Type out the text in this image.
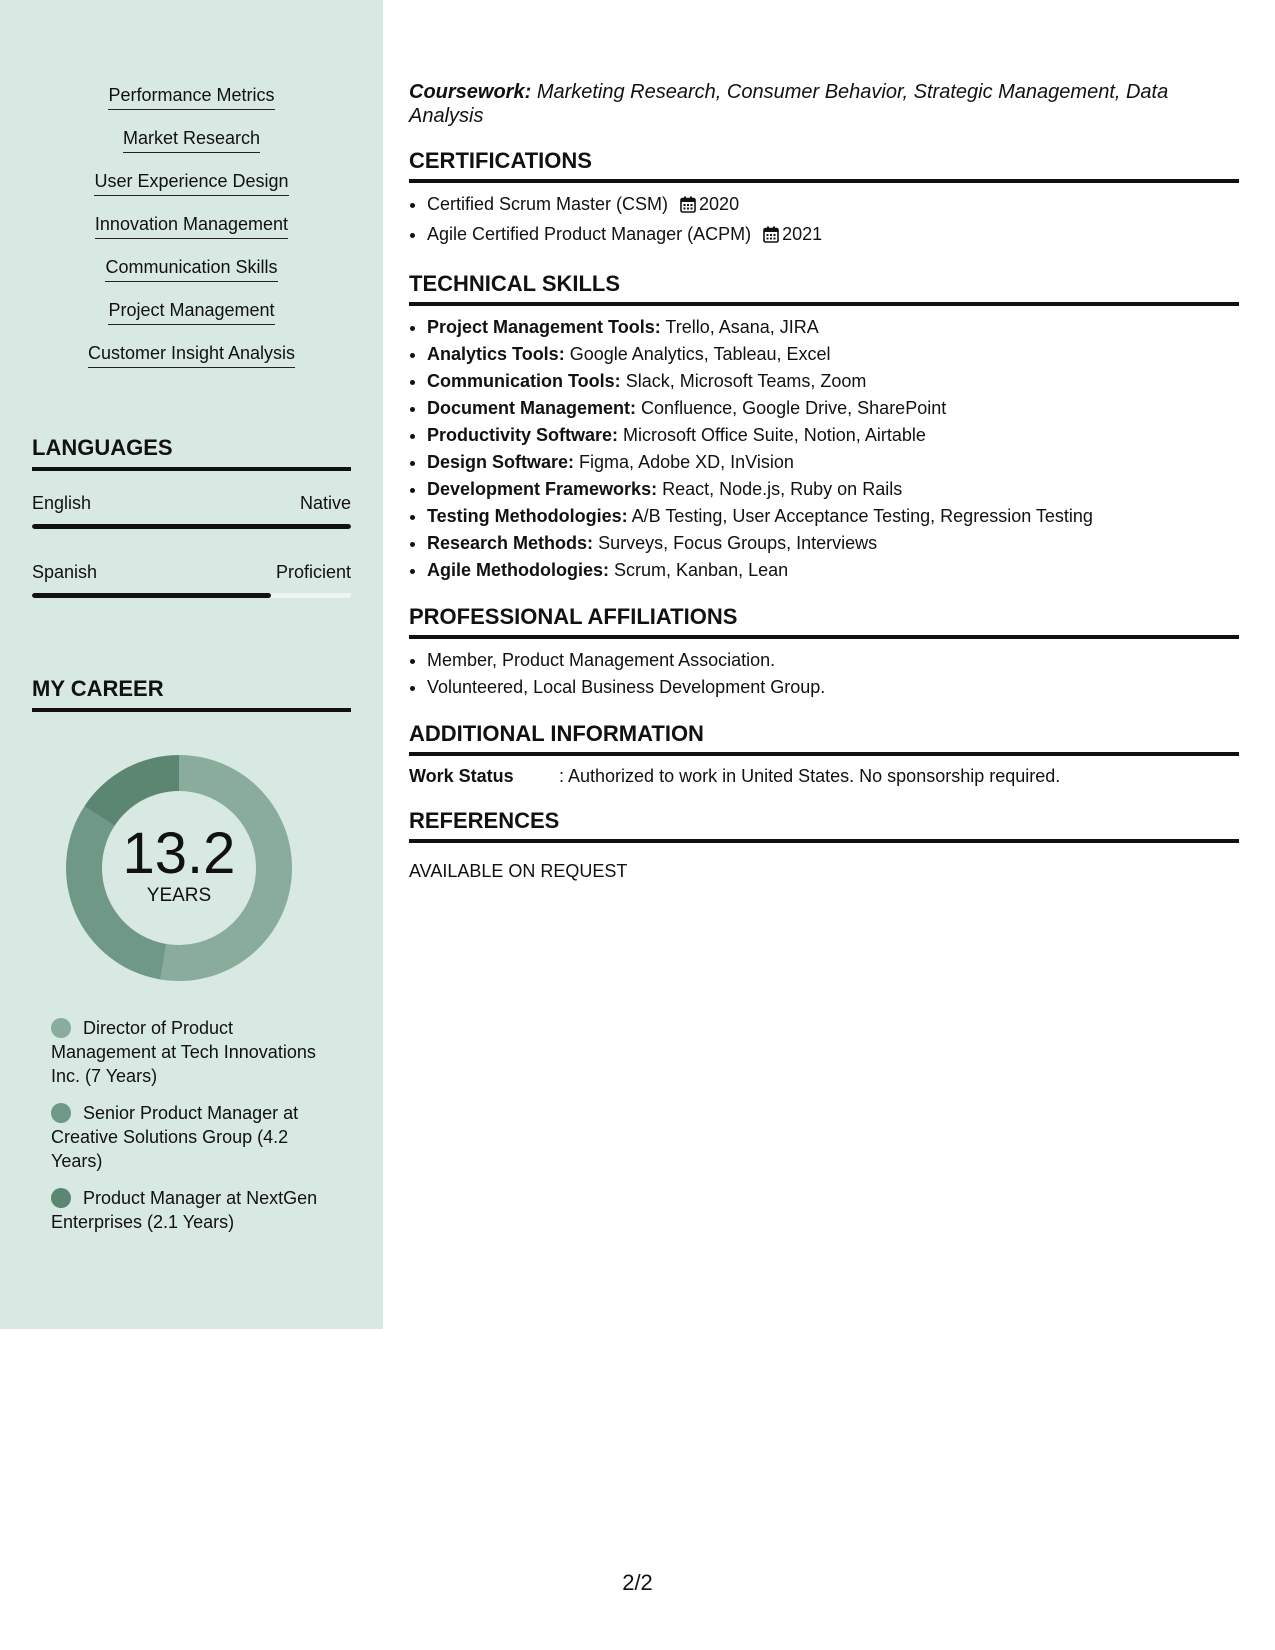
Performance Metrics
Market Research
User Experience Design
Innovation Management
Communication Skills
Project Management
Customer Insight Analysis
LANGUAGES
English	Native
Spanish	Proficient
MY CAREER
13.2
YEARS
Director of Product Management at Tech Innovations Inc. (7 Years)
Senior Product Manager at Creative Solutions Group (4.2 Years)
Product Manager at NextGen Enterprises (2.1 Years)

Coursework: Marketing Research, Consumer Behavior, Strategic Management, Data Analysis

CERTIFICATIONS
• Certified Scrum Master (CSM) 2020
• Agile Certified Product Manager (ACPM) 2021
TECHNICAL SKILLS
• Project Management Tools: Trello, Asana, JIRA
• Analytics Tools: Google Analytics, Tableau, Excel
• Communication Tools: Slack, Microsoft Teams, Zoom
• Document Management: Confluence, Google Drive, SharePoint
• Productivity Software: Microsoft Office Suite, Notion, Airtable
• Design Software: Figma, Adobe XD, InVision
• Development Frameworks: React, Node.js, Ruby on Rails
• Testing Methodologies: A/B Testing, User Acceptance Testing, Regression Testing
• Research Methods: Surveys, Focus Groups, Interviews
• Agile Methodologies: Scrum, Kanban, Lean
PROFESSIONAL AFFILIATIONS
• Member, Product Management Association.
• Volunteered, Local Business Development Group.
ADDITIONAL INFORMATION
Work Status	: Authorized to work in United States. No sponsorship required.
REFERENCES
AVAILABLE ON REQUEST
2/2
